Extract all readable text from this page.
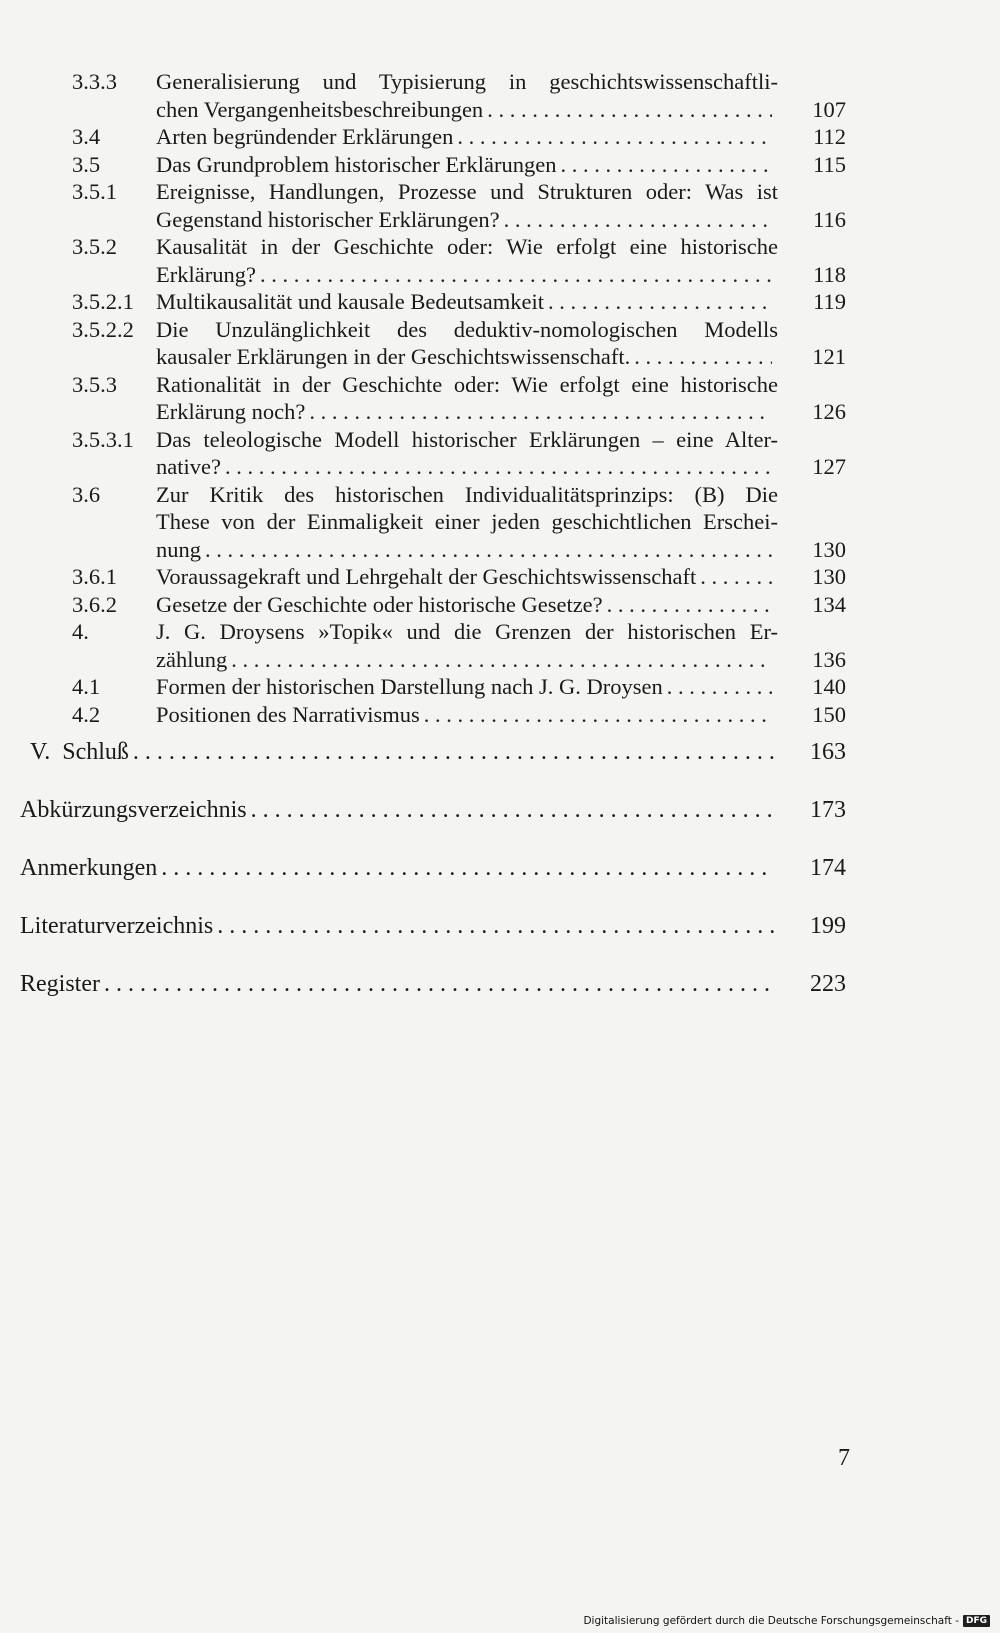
3.3.3 Generalisierung und Typisierung in geschichtswissenschaftli-
chen Vergangenheitsbeschreibungen . . .	107
3.4 Arten begründender Erklärungen . . .	112
3.5 Das Grundproblem historischer Erklärungen . . .	115
3.5.1 Ereignisse, Handlungen, Prozesse und Strukturen oder: Was ist
Gegenstand historischer Erklärungen? . . .	116
3.5.2 Kausalität in der Geschichte oder: Wie erfolgt eine historische
Erklärung? . . .	118
3.5.2.1 Multikausalität und kausale Bedeutsamkeit . . .	119
3.5.2.2 Die Unzulänglichkeit des deduktiv-nomologischen Modells
kausaler Erklärungen in der Geschichtswissenschaft. . . .	121
3.5.3 Rationalität in der Geschichte oder: Wie erfolgt eine historische
Erklärung noch? . . .	126
3.5.3.1 Das teleologische Modell historischer Erklärungen – eine Alter-
native? . . .	127
3.6 Zur Kritik des historischen Individualitätsprinzips: (B) Die
These von der Einmaligkeit einer jeden geschichtlichen Erschei-
nung . . .	130
3.6.1 Voraussagekraft und Lehrgehalt der Geschichtswissenschaft . . .	130
3.6.2 Gesetze der Geschichte oder historische Gesetze? . . .	134
4.	J. G. Droysens »Topik« und die Grenzen der historischen Er-
zählung . . .	136
4.1 Formen der historischen Darstellung nach J. G. Droysen . . .	140
4.2 Positionen des Narrativismus . . .	150
V.  Schluß . . .	163
Abkürzungsverzeichnis . . .	173
Anmerkungen . . .	174
Literaturverzeichnis . . .	199
Register . . .	223
7
Digitalisierung gefördert durch die Deutsche Forschungsgemeinschaft - DFG
